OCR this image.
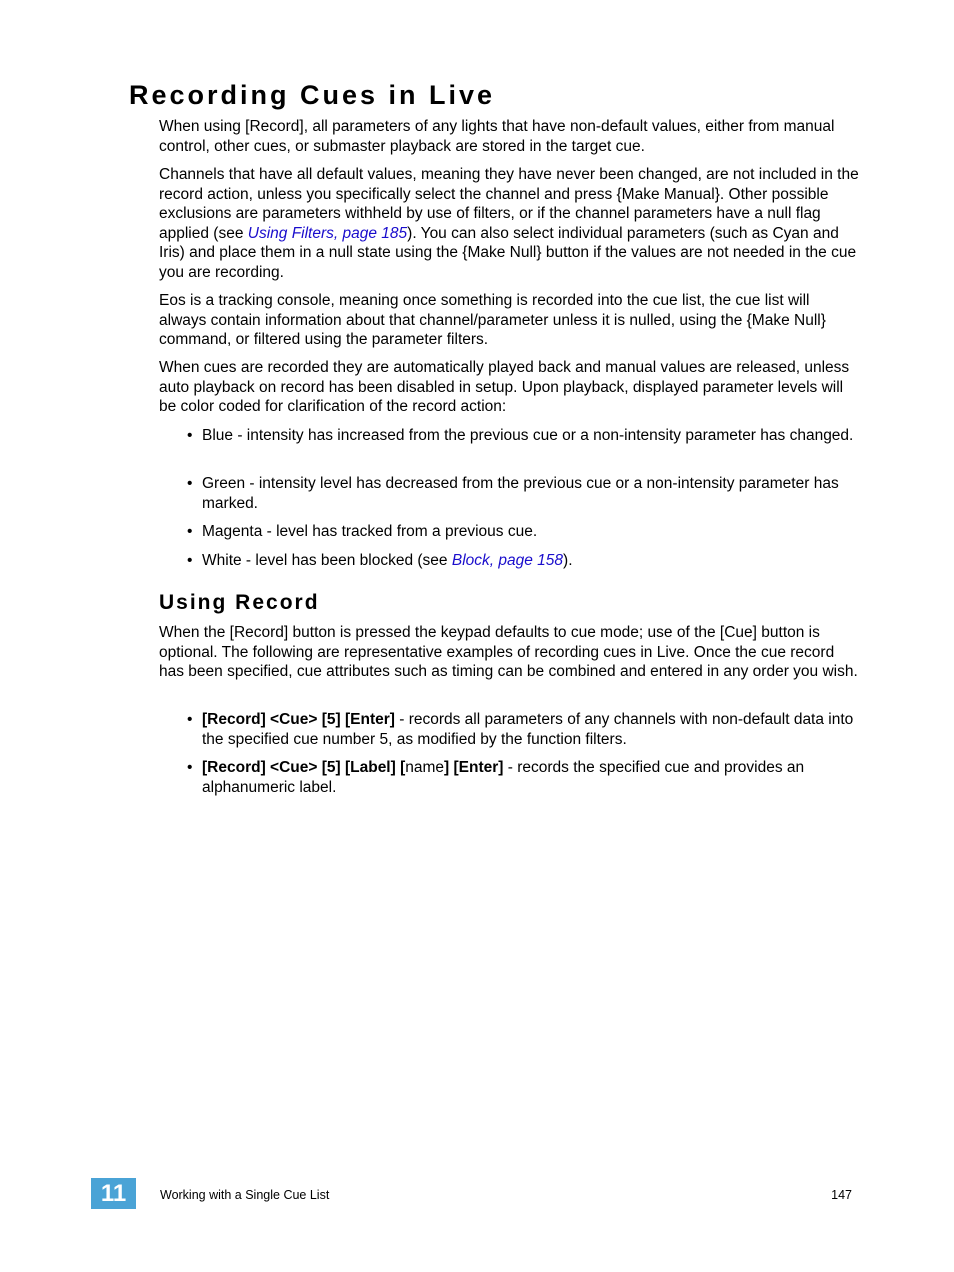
Recording Cues in Live

When using [Record], all parameters of any lights that have non-default values, either from manual control, other cues, or submaster playback are stored in the target cue.

Channels that have all default values, meaning they have never been changed, are not included in the record action, unless you specifically select the channel and press {Make Manual}. Other possible exclusions are parameters withheld by use of filters, or if the channel parameters have a null flag applied (see Using Filters, page 185). You can also select individual parameters (such as Cyan and Iris) and place them in a null state using the {Make Null} button if the values are not needed in the cue you are recording.

Eos is a tracking console, meaning once something is recorded into the cue list, the cue list will always contain information about that channel/parameter unless it is nulled, using the {Make Null} command, or filtered using the parameter filters.

When cues are recorded they are automatically played back and manual values are released, unless auto playback on record has been disabled in setup. Upon playback, displayed parameter levels will be color coded for clarification of the record action:

• Blue - intensity has increased from the previous cue or a non-intensity parameter has changed.
• Green - intensity level has decreased from the previous cue or a non-intensity parameter has marked.
• Magenta - level has tracked from a previous cue.
• White - level has been blocked (see Block, page 158).
Using Record

When the [Record] button is pressed the keypad defaults to cue mode; use of the [Cue] button is optional. The following are representative examples of recording cues in Live. Once the cue record has been specified, cue attributes such as timing can be combined and entered in any order you wish.

• [Record] <Cue> [5] [Enter] - records all parameters of any channels with non-default data into the specified cue number 5, as modified by the function filters.
• [Record] <Cue> [5] [Label] [name] [Enter] - records the specified cue and provides an alphanumeric label.
11	Working with a Single Cue List	147
